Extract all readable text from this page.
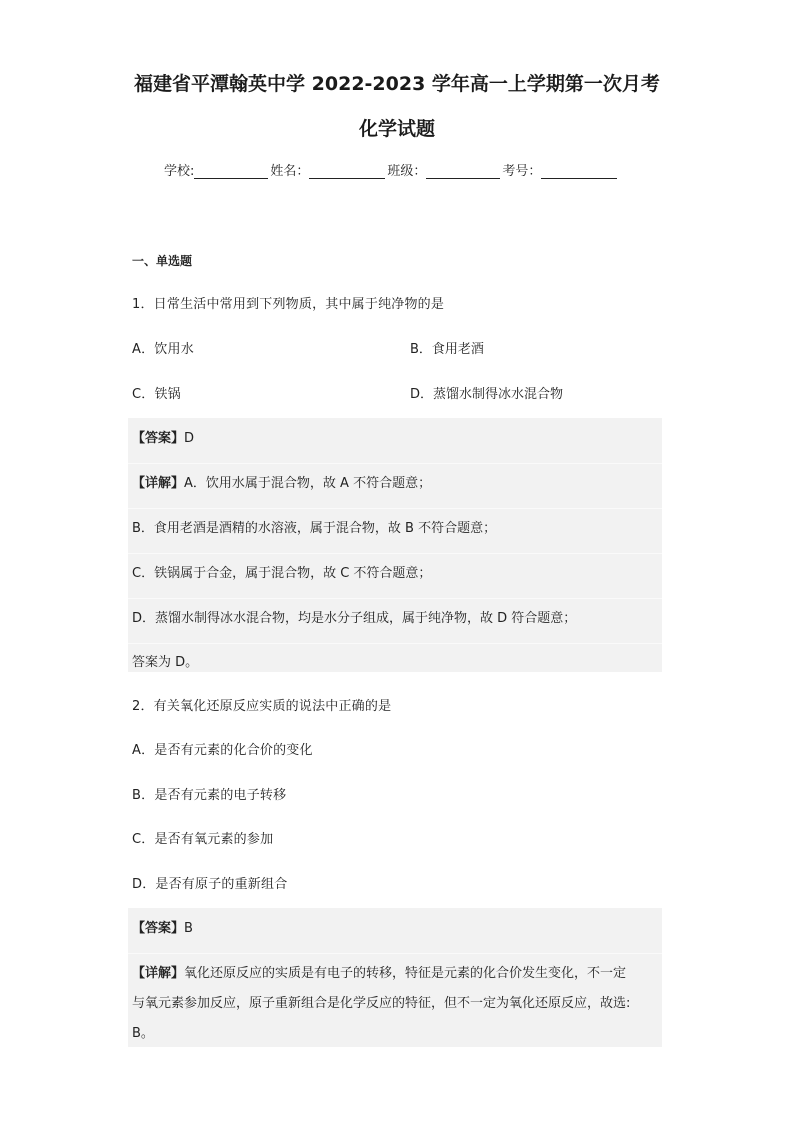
福建省平潭翰英中学 2022-2023 学年高一上学期第一次月考
化学试题
学校:	姓名：	班级：	考号：
一、单选题
1．日常生活中常用到下列物质，其中属于纯净物的是
A．饮用水	B．食用老酒
C．铁锅	D．蒸馏水制得冰水混合物
【答案】D
【详解】A．饮用水属于混合物，故 A 不符合题意；
B．食用老酒是酒精的水溶液，属于混合物，故 B 不符合题意；
C．铁锅属于合金，属于混合物，故 C 不符合题意；
D．蒸馏水制得冰水混合物，均是水分子组成，属于纯净物，故 D 符合题意；
答案为 D。
2．有关氧化还原反应实质的说法中正确的是
A．是否有元素的化合价的变化
B．是否有元素的电子转移
C．是否有氧元素的参加
D．是否有原子的重新组合
【答案】B
【详解】氧化还原反应的实质是有电子的转移，特征是元素的化合价发生变化，不一定
与氧元素参加反应，原子重新组合是化学反应的特征，但不一定为氧化还原反应，故选:
B。
